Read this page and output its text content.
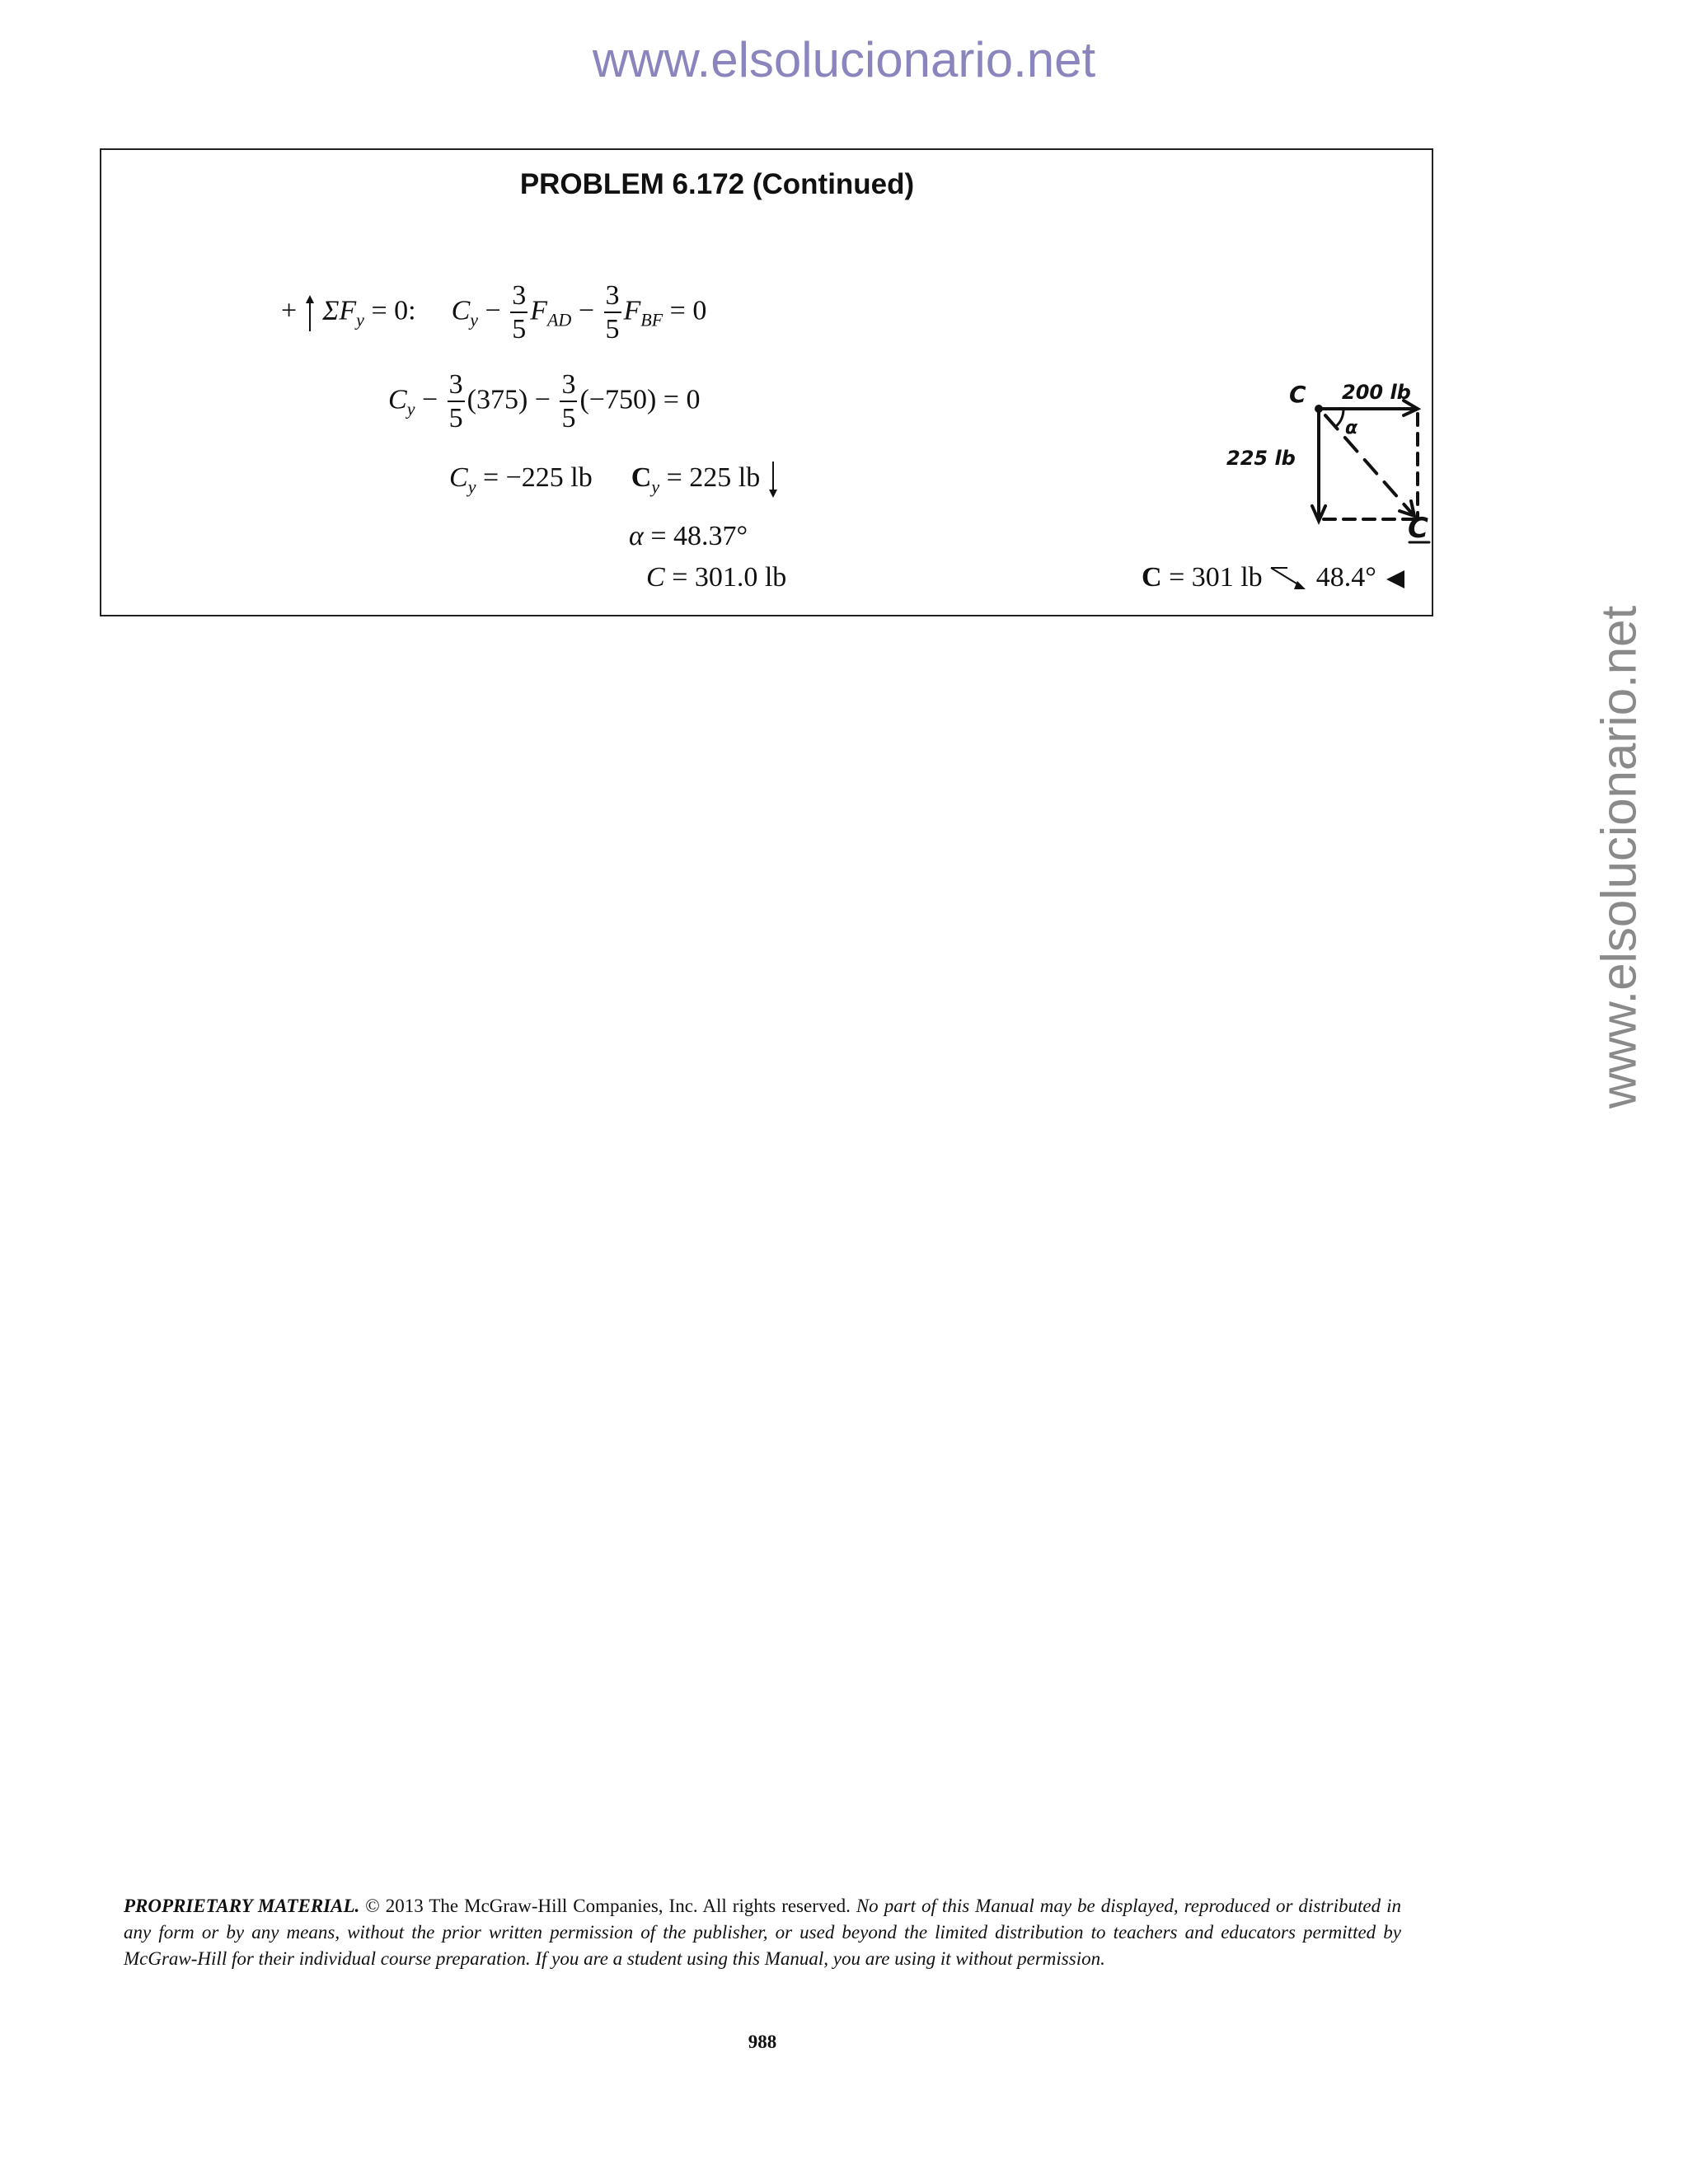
www.elsolucionario.net
www.elsolucionario.net
PROBLEM 6.172 (Continued)
+ $\Sigma F_y = 0$: $C_y - \frac{3}{5} F_{AD} - \frac{3}{5} F_{BF} = 0$
$C_y - \frac{3}{5} (375) - \frac{3}{5} (-750) = 0$
$C_y = -225$ lb $C_y = 225$ lb
α = 48.37°
C = 301.0 lb	C = 301 lb 48.4°
C 200 lb
225 lb
α
C
PROPRIETARY MATERIAL. © 2013 The McGraw-Hill Companies, Inc. All rights reserved. No part of this Manual may be displayed, reproduced or distributed in any form or by any means, without the prior written permission of the publisher, or used beyond the limited distribution to teachers and educators permitted by McGraw-Hill for their individual course preparation. If you are a student using this Manual, you are using it without permission.
988
